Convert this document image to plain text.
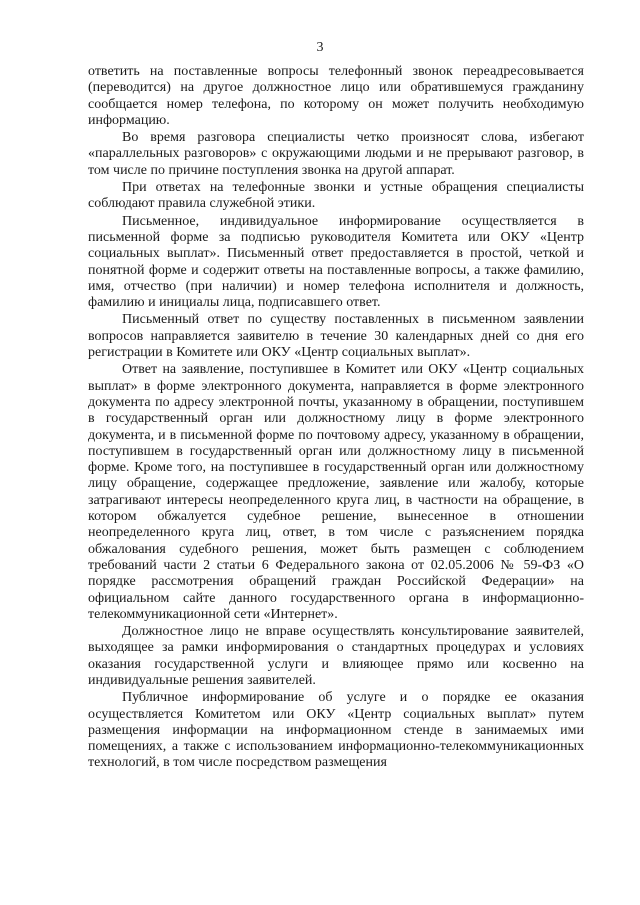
3

ответить на поставленные вопросы телефонный звонок переадресовывается (переводится) на другое должностное лицо или обратившемуся гражданину сообщается номер телефона, по которому он может получить необходимую информацию.

Во время разговора специалисты четко произносят слова, избегают «параллельных разговоров» с окружающими людьми и не прерывают разговор, в том числе по причине поступления звонка на другой аппарат.

При ответах на телефонные звонки и устные обращения специалисты соблюдают правила служебной этики.

Письменное, индивидуальное информирование осуществляется в письменной форме за подписью руководителя Комитета или ОКУ «Центр социальных выплат». Письменный ответ предоставляется в простой, четкой и понятной форме и содержит ответы на поставленные вопросы, а также фамилию, имя, отчество (при наличии) и номер телефона исполнителя и должность, фамилию и инициалы лица, подписавшего ответ.

Письменный ответ по существу поставленных в письменном заявлении вопросов направляется заявителю в течение 30 календарных дней со дня его регистрации в Комитете или ОКУ «Центр социальных выплат».

Ответ на заявление, поступившее в Комитет или ОКУ «Центр социальных выплат» в форме электронного документа, направляется в форме электронного документа по адресу электронной почты, указанному в обращении, поступившем в государственный орган или должностному лицу в форме электронного документа, и в письменной форме по почтовому адресу, указанному в обращении, поступившем в государственный орган или должностному лицу в письменной форме. Кроме того, на поступившее в государственный орган или должностному лицу обращение, содержащее предложение, заявление или жалобу, которые затрагивают интересы неопределенного круга лиц, в частности на обращение, в котором обжалуется судебное решение, вынесенное в отношении неопределенного круга лиц, ответ, в том числе с разъяснением порядка обжалования судебного решения, может быть размещен с соблюдением требований части 2 статьи 6 Федерального закона от 02.05.2006 № 59-ФЗ «О порядке рассмотрения обращений граждан Российской Федерации» на официальном сайте данного государственного органа в информационно-телекоммуникационной сети «Интернет».

Должностное лицо не вправе осуществлять консультирование заявителей, выходящее за рамки информирования о стандартных процедурах и условиях оказания государственной услуги и влияющее прямо или косвенно на индивидуальные решения заявителей.

Публичное информирование об услуге и о порядке ее оказания осуществляется Комитетом или ОКУ «Центр социальных выплат» путем размещения информации на информационном стенде в занимаемых ими помещениях, а также с использованием информационно-телекоммуникационных технологий, в том числе посредством размещения
